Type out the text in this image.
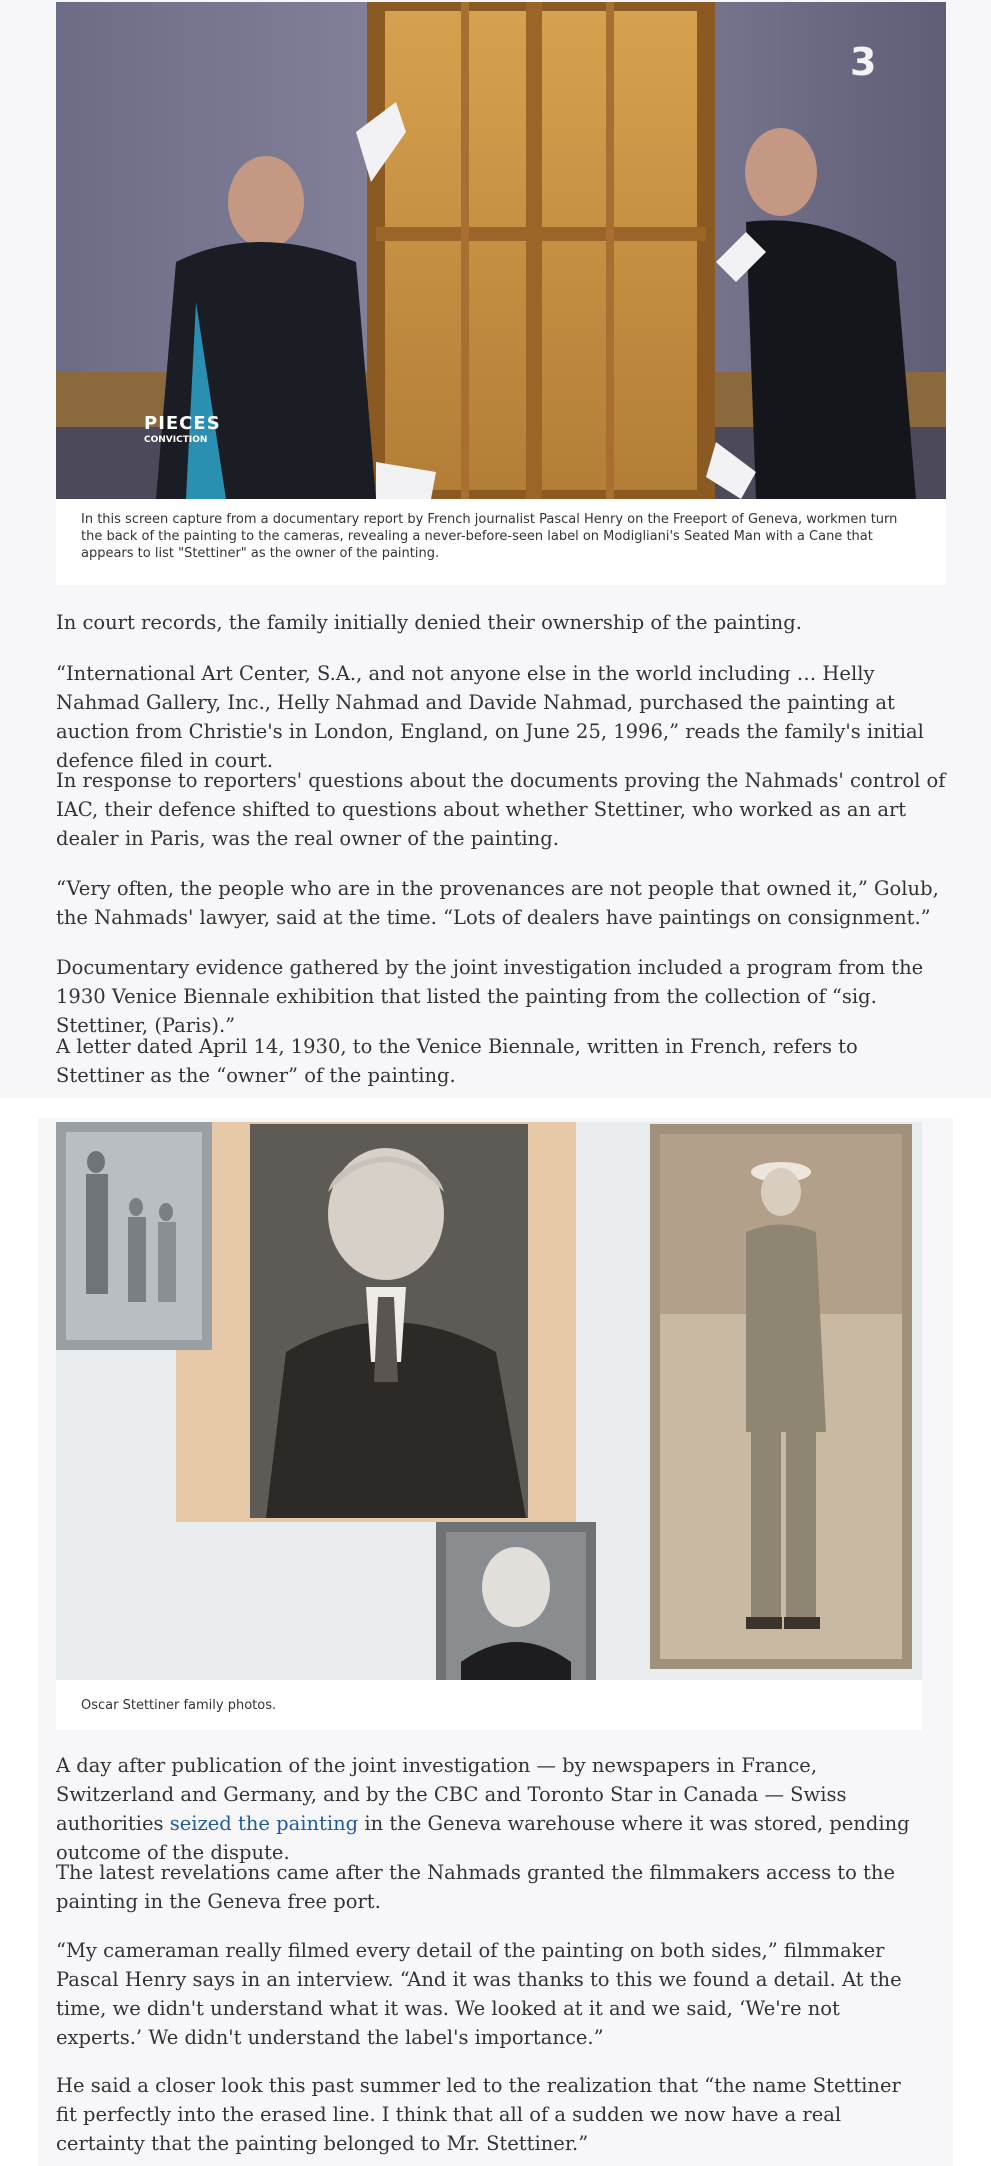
3
PIECES
CONVICTION
In this screen capture from a documentary report by French journalist Pascal Henry on the Freeport of Geneva, workmen turn the back of the painting to the cameras, revealing a never-before-seen label on Modigliani's Seated Man with a Cane that appears to list "Stettiner" as the owner of the painting.

In court records, the family initially denied their ownership of the painting.

“International Art Center, S.A., and not anyone else in the world including … Helly Nahmad Gallery, Inc., Helly Nahmad and Davide Nahmad, purchased the painting at auction from Christie's in London, England, on June 25, 1996,” reads the family's initial defence filed in court.

In response to reporters' questions about the documents proving the Nahmads' control of IAC, their defence shifted to questions about whether Stettiner, who worked as an art dealer in Paris, was the real owner of the painting.

“Very often, the people who are in the provenances are not people that owned it,” Golub, the Nahmads' lawyer, said at the time. “Lots of dealers have paintings on consignment.”

Documentary evidence gathered by the joint investigation included a program from the 1930 Venice Biennale exhibition that listed the painting from the collection of “sig. Stettiner, (Paris).”

A letter dated April 14, 1930, to the Venice Biennale, written in French, refers to Stettiner as the “owner” of the painting.

Oscar Stettiner family photos.

A day after publication of the joint investigation — by newspapers in France, Switzerland and Germany, and by the CBC and Toronto Star in Canada — Swiss authorities seized the painting in the Geneva warehouse where it was stored, pending outcome of the dispute.

The latest revelations came after the Nahmads granted the filmmakers access to the painting in the Geneva free port.

“My cameraman really filmed every detail of the painting on both sides,” filmmaker Pascal Henry says in an interview. “And it was thanks to this we found a detail. At the time, we didn't understand what it was. We looked at it and we said, ‘We're not experts.’ We didn't understand the label's importance.”

He said a closer look this past summer led to the realization that “the name Stettiner fit perfectly into the erased line. I think that all of a sudden we now have a real certainty that the painting belonged to Mr. Stettiner.”
